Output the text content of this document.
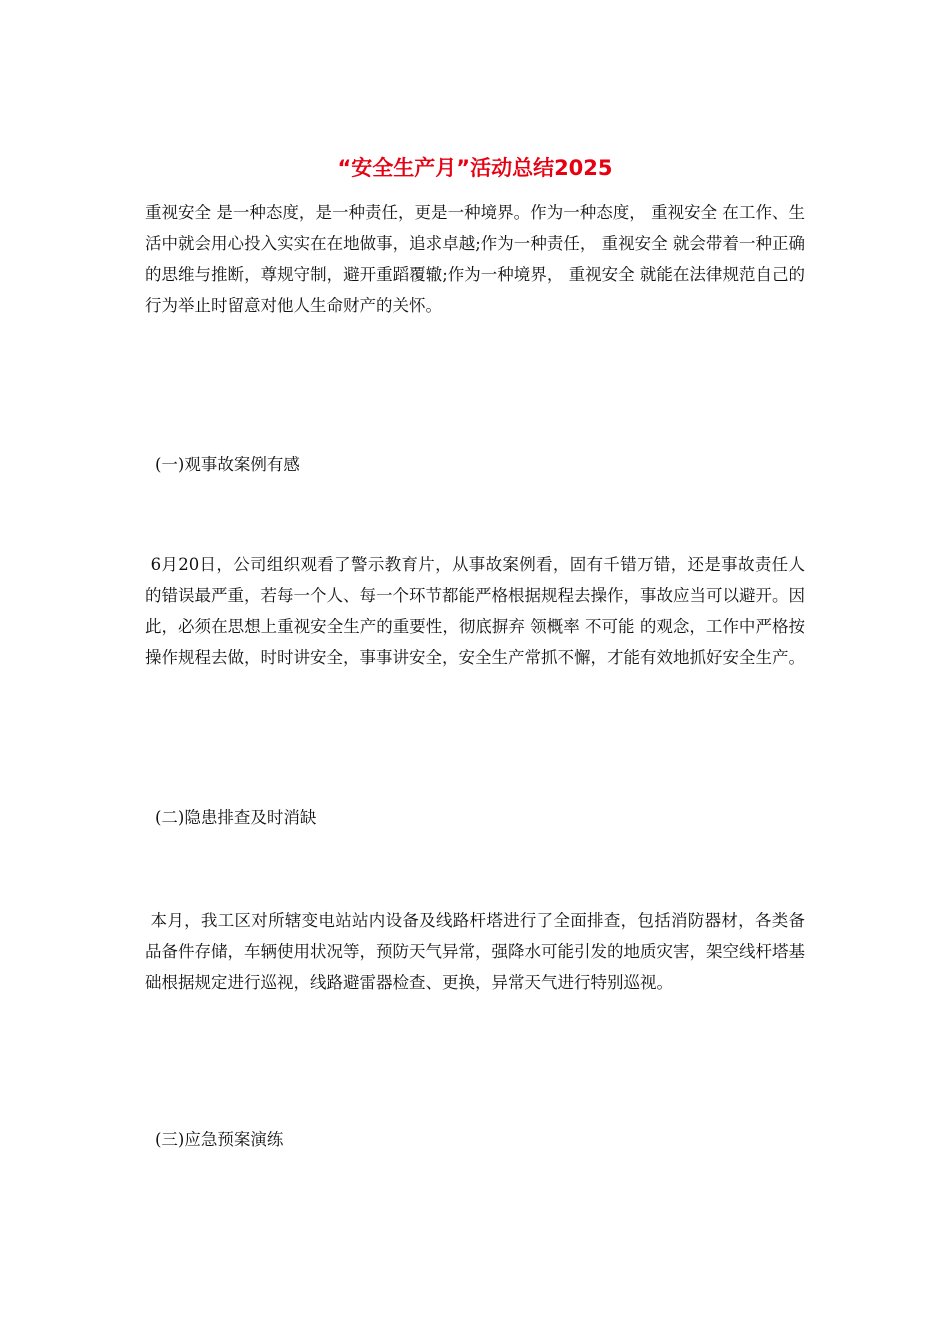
“安全生产月”活动总结2025

重视安全 是一种态度，是一种责任，更是一种境界。作为一种态度， 重视安全 在工作、生活中就会用心投入实实在在地做事，追求卓越;作为一种责任， 重视安全 就会带着一种正确的思维与推断，尊规守制，避开重蹈覆辙;作为一种境界， 重视安全 就能在法律规范自己的行为举止时留意对他人生命财产的关怀。

(一)观事故案例有感

6月20日，公司组织观看了警示教育片，从事故案例看，固有千错万错，还是事故责任人的错误最严重，若每一个人、每一个环节都能严格根据规程去操作，事故应当可以避开。因此，必须在思想上重视安全生产的重要性，彻底摒弃 领概率 不可能 的观念，工作中严格按操作规程去做，时时讲安全，事事讲安全，安全生产常抓不懈，才能有效地抓好安全生产。

(二)隐患排查及时消缺

本月，我工区对所辖变电站站内设备及线路杆塔进行了全面排查，包括消防器材，各类备品备件存储，车辆使用状况等，预防天气异常，强降水可能引发的地质灾害，架空线杆塔基础根据规定进行巡视，线路避雷器检查、更换，异常天气进行特别巡视。

(三)应急预案演练
